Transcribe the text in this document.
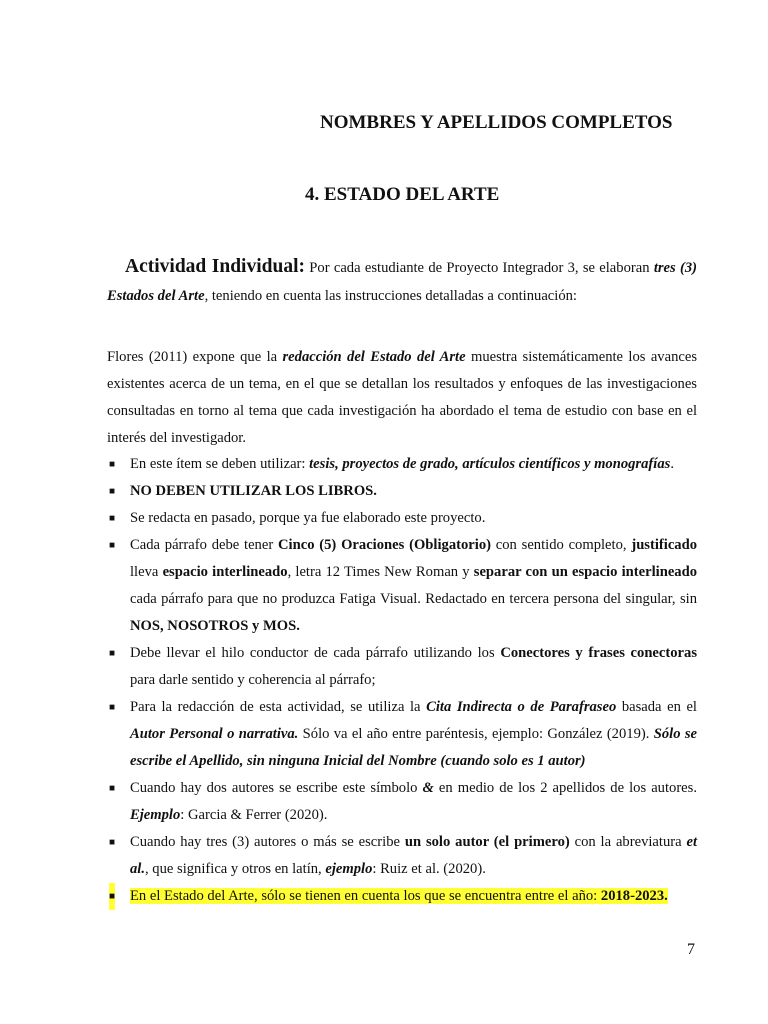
NOMBRES Y APELLIDOS COMPLETOS
4. ESTADO DEL ARTE

Actividad Individual: Por cada estudiante de Proyecto Integrador 3, se elaboran tres (3) Estados del Arte, teniendo en cuenta las instrucciones detalladas a continuación:

Flores (2011) expone que la redacción del Estado del Arte muestra sistemáticamente los avances existentes acerca de un tema, en el que se detallan los resultados y enfoques de las investigaciones consultadas en torno al tema que cada investigación ha abordado el tema de estudio con base en el interés del investigador.

■ En este ítem se deben utilizar: tesis, proyectos de grado, artículos científicos y monografías.
■ NO DEBEN UTILIZAR LOS LIBROS.
■ Se redacta en pasado, porque ya fue elaborado este proyecto.
■ Cada párrafo debe tener Cinco (5) Oraciones (Obligatorio) con sentido completo, justificado lleva espacio interlineado, letra 12 Times New Roman y separar con un espacio interlineado cada párrafo para que no produzca Fatiga Visual. Redactado en tercera persona del singular, sin NOS, NOSOTROS y MOS.
■ Debe llevar el hilo conductor de cada párrafo utilizando los Conectores y frases conectoras para darle sentido y coherencia al párrafo;
■ Para la redacción de esta actividad, se utiliza la Cita Indirecta o de Parafraseo basada en el Autor Personal o narrativa. Sólo va el año entre paréntesis, ejemplo: González (2019). Sólo se escribe el Apellido, sin ninguna Inicial del Nombre (cuando solo es 1 autor)
■ Cuando hay dos autores se escribe este símbolo & en medio de los 2 apellidos de los autores. Ejemplo: Garcia & Ferrer (2020).
■ Cuando hay tres (3) autores o más se escribe un solo autor (el primero) con la abreviatura et al., que significa y otros en latín, ejemplo: Ruiz et al. (2020).
■ En el Estado del Arte, sólo se tienen en cuenta los que se encuentra entre el año: 2018-2023.
7
